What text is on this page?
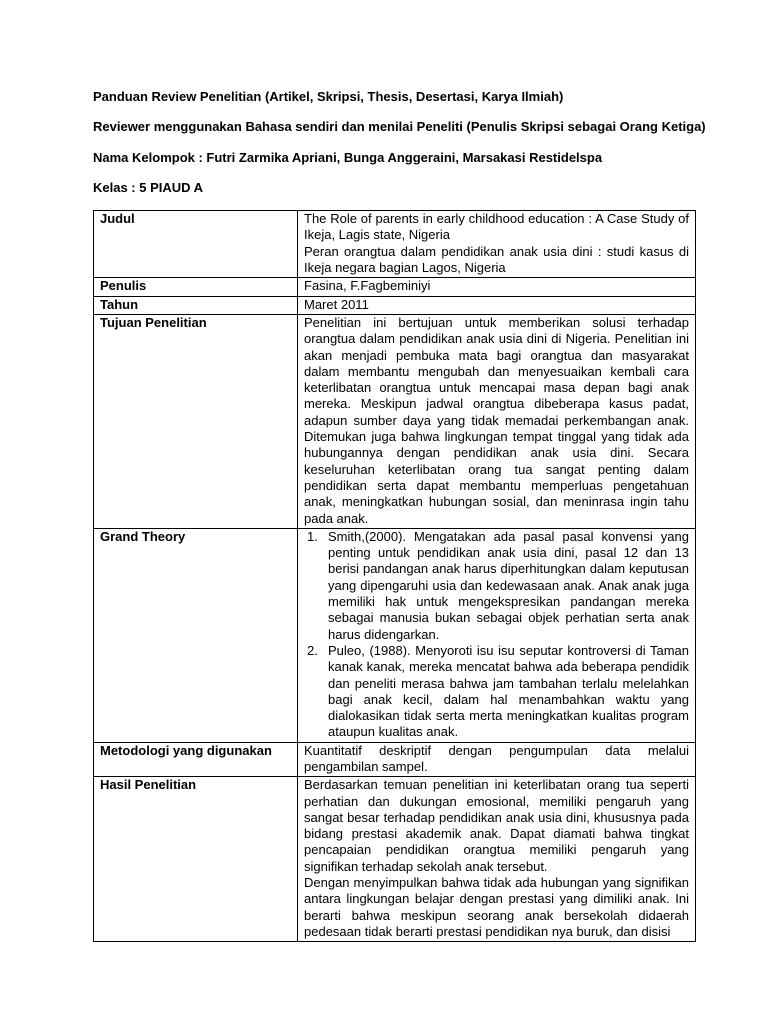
Panduan Review Penelitian (Artikel, Skripsi, Thesis, Desertasi, Karya Ilmiah)

Reviewer menggunakan Bahasa sendiri dan menilai Peneliti (Penulis Skripsi sebagai Orang Ketiga)

Nama Kelompok : Futri Zarmika Apriani, Bunga Anggeraini, Marsakasi Restidelspa

Kelas : 5 PIAUD A

Judul	The Role of parents in early childhood education : A Case Study of Ikeja, Lagis state, Nigeria
Peran orangtua dalam pendidikan anak usia dini : studi kasus di Ikeja negara bagian Lagos, Nigeria

Penulis	Fasina, F.Fagbeminiyi
Tahun	Maret 2011
Tujuan Penelitian	Penelitian ini bertujuan untuk memberikan solusi terhadap orangtua dalam pendidikan anak usia dini di Nigeria. Penelitian ini akan menjadi pembuka mata bagi orangtua dan masyarakat dalam membantu mengubah dan menyesuaikan kembali cara keterlibatan orangtua untuk mencapai masa depan bagi anak mereka. Meskipun jadwal orangtua dibeberapa kasus padat, adapun sumber daya yang tidak memadai perkembangan anak. Ditemukan juga bahwa lingkungan tempat tinggal yang tidak ada hubungannya dengan pendidikan anak usia dini. Secara keseluruhan keterlibatan orang tua sangat penting dalam pendidikan serta dapat membantu memperluas pengetahuan anak, meningkatkan hubungan sosial, dan meninrasa ingin tahu pada anak.
Grand Theory	1. Smith,(2000). Mengatakan ada pasal pasal konvensi yang penting untuk pendidikan anak usia dini, pasal 12 dan 13 berisi pandangan anak harus diperhitungkan dalam keputusan yang dipengaruhi usia dan kedewasaan anak. Anak anak juga memiliki hak untuk mengekspresikan pandangan mereka sebagai manusia bukan sebagai objek perhatian serta anak harus didengarkan.
2. Puleo, (1988). Menyoroti isu isu seputar kontroversi di Taman kanak kanak, mereka mencatat bahwa ada beberapa pendidik dan peneliti merasa bahwa jam tambahan terlalu melelahkan bagi anak kecil, dalam hal menambahkan waktu yang dialokasikan tidak serta merta meningkatkan kualitas program ataupun kualitas anak.

Metodologi yang digunakan	Kuantitatif deskriptif dengan pengumpulan data melalui pengambilan sampel.
Hasil Penelitian	Berdasarkan temuan penelitian ini keterlibatan orang tua seperti perhatian dan dukungan emosional, memiliki pengaruh yang sangat besar terhadap pendidikan anak usia dini, khususnya pada bidang prestasi akademik anak. Dapat diamati bahwa tingkat pencapaian pendidikan orangtua memiliki pengaruh yang signifikan terhadap sekolah anak tersebut.
Dengan menyimpulkan bahwa tidak ada hubungan yang signifikan antara lingkungan belajar dengan prestasi yang dimiliki anak. Ini berarti bahwa meskipun seorang anak bersekolah didaerah pedesaan tidak berarti prestasi pendidikan nya buruk, dan disisi
